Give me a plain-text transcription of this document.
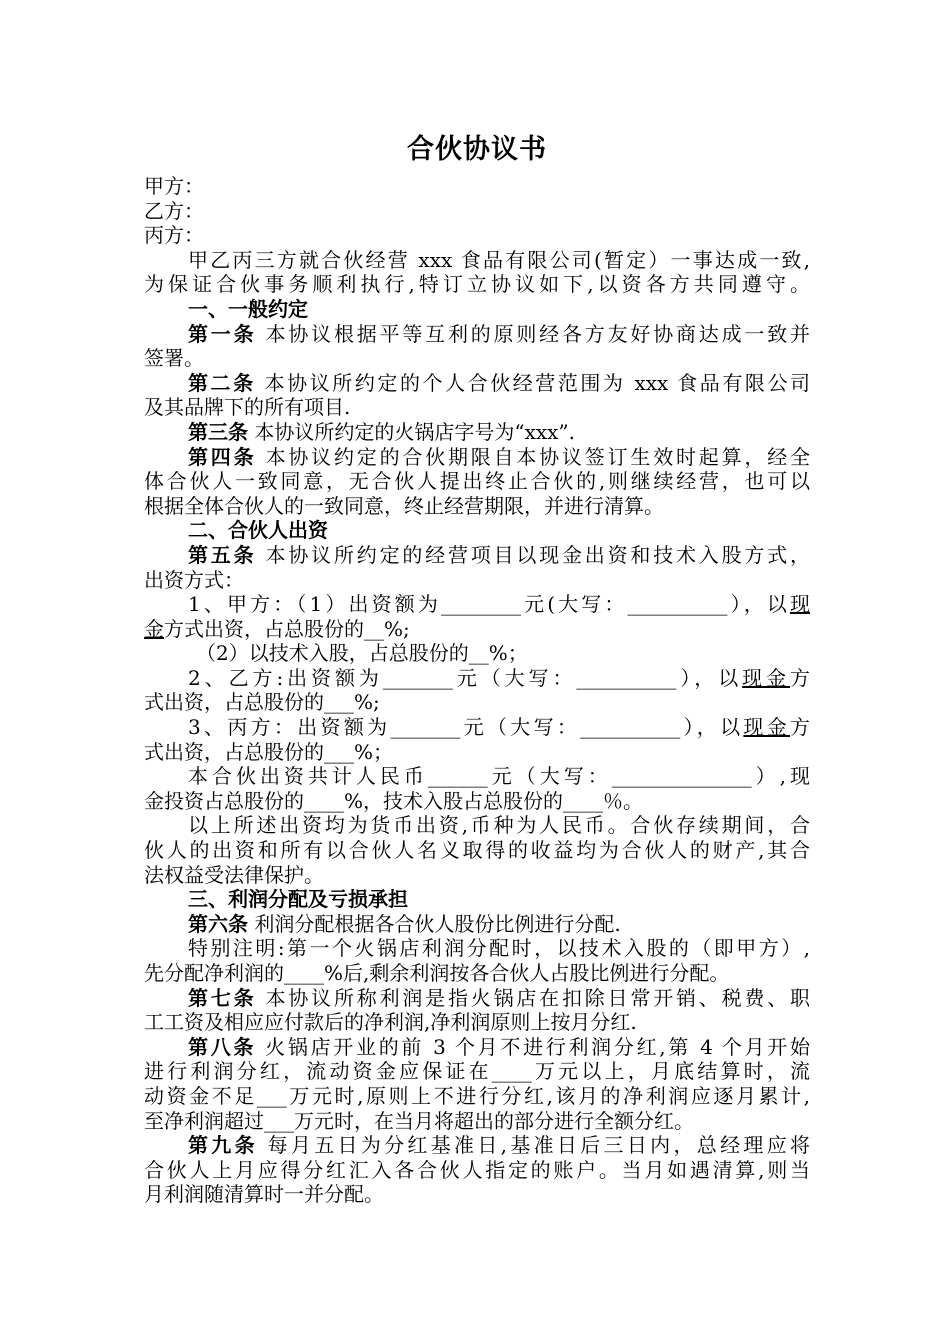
合伙协议书
甲方：
乙方：
丙方：
甲乙丙三方就合伙经营 xxx 食品有限公司(暂定）一事达成一致,
为保证合伙事务顺利执行,特订立协议如下,以资各方共同遵守。
一、一般约定
第一条 本协议根据平等互利的原则经各方友好协商达成一致并
签署。
第二条 本协议所约定的个人合伙经营范围为 xxx 食品有限公司
及其品牌下的所有项目.
第三条 本协议所约定的火锅店字号为“xxx”.
第四条 本协议约定的合伙期限自本协议签订生效时起算，经全
体合伙人一致同意，无合伙人提出终止合伙的,则继续经营，也可以
根据全体合伙人的一致同意，终止经营期限，并进行清算。
二、合伙人出资
第五条 本协议所约定的经营项目以现金出资和技术入股方式，
出资方式：
1、甲方：（1）出资额为________元(大写：__________），以现
金方式出资，占总股份的__%;
（2）以技术入股，占总股份的__%；
2、乙方:出资额为_______元（大写：__________），以现金方
式出资，占总股份的___%;
3、丙方：出资额为_______元（大写：__________），以现金方
式出资，占总股份的___%；
本合伙出资共计人民币______元（大写：______________）,现
金投资占总股份的____%，技术入股占总股份的____％。
以上所述出资均为货币出资,币种为人民币。合伙存续期间，合
伙人的出资和所有以合伙人名义取得的收益均为合伙人的财产,其合
法权益受法律保护。
三、利润分配及亏损承担
第六条 利润分配根据各合伙人股份比例进行分配.
特别注明:第一个火锅店利润分配时，以技术入股的（即甲方）,
先分配净利润的____%后,剩余利润按各合伙人占股比例进行分配。
第七条 本协议所称利润是指火锅店在扣除日常开销、税费、职
工工资及相应应付款后的净利润,净利润原则上按月分红.
第八条 火锅店开业的前 3 个月不进行利润分红,第 4 个月开始
进行利润分红，流动资金应保证在____万元以上，月底结算时，流
动资金不足___万元时,原则上不进行分红,该月的净利润应逐月累计,
至净利润超过___万元时，在当月将超出的部分进行全额分红。
第九条 每月五日为分红基准日,基准日后三日内，总经理应将
合伙人上月应得分红汇入各合伙人指定的账户。当月如遇清算,则当
月利润随清算时一并分配。
